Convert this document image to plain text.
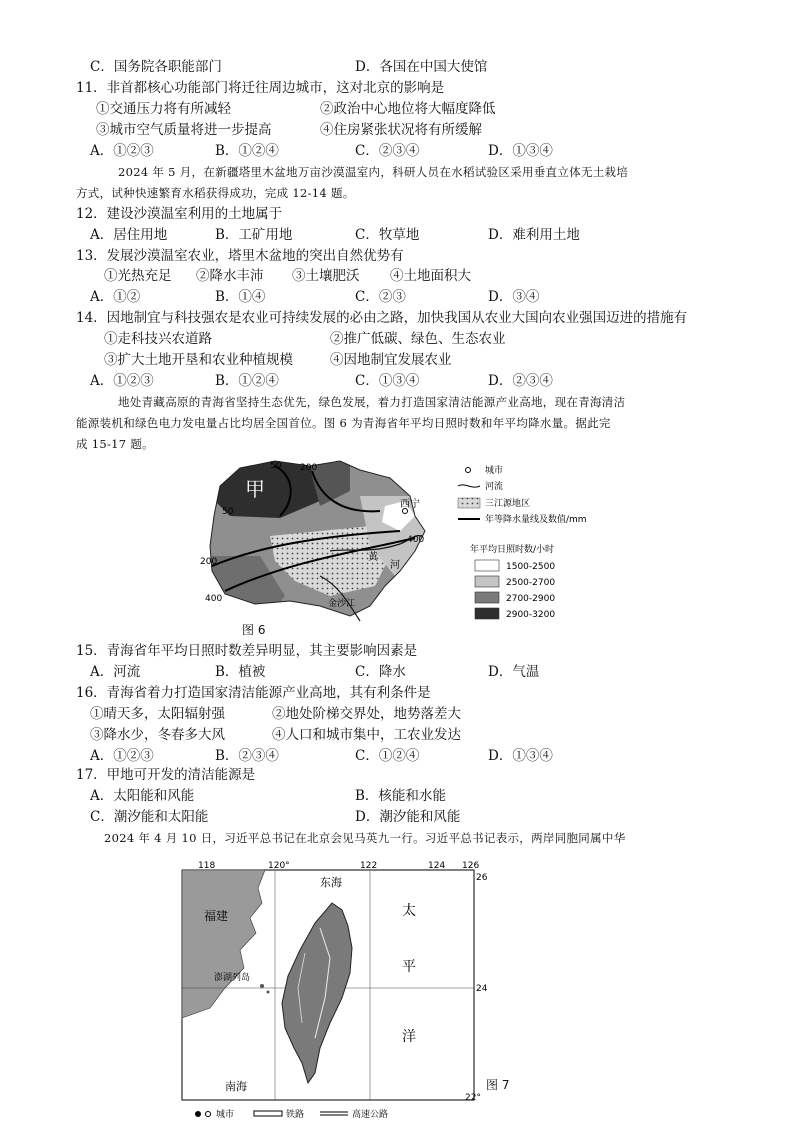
C．国务院各职能部门	D．各国在中国大使馆
11．非首都核心功能部门将迁往周边城市，这对北京的影响是
①交通压力将有所减轻	②政治中心地位将大幅度降低
③城市空气质量将进一步提高	④住房紧张状况将有所缓解
A．①②③	B．①②④	C．②③④	D．①③④
2024 年 5 月，在新疆塔里木盆地万亩沙漠温室内，科研人员在水稻试验区采用垂直立体无土栽培
方式，试种快速繁育水稻获得成功，完成 12-14 题。
12．建设沙漠温室利用的土地属于
A．居住用地	B．工矿用地	C．牧草地	D．难利用土地
13．发展沙漠温室农业，塔里木盆地的突出自然优势有
①光热充足 ②降水丰沛 ③土壤肥沃 ④土地面积大
A．①②	B．①④	C．②③	D．③④
14．因地制宜与科技强农是农业可持续发展的必由之路，加快我国从农业大国向农业强国迈进的措施有
①走科技兴农道路	②推广低碳、绿色、生态农业
③扩大土地开垦和农业种植规模	④因地制宜发展农业
A．①②③	B．①②④	C．①③④	D．②③④
地处青藏高原的青海省坚持生态优先，绿色发展，着力打造国家清洁能源产业高地，现在青海清洁
能源装机和绿色电力发电量占比均居全国首位。图 6 为青海省年平均日照时数和年平均降水量。据此完
成 15-17 题。
甲
西宁
黄
河
金沙江
50 200
50
400
200
400
城市
河流
三江源地区
年等降水量线及数值/mm
年平均日照时数/小时
1500-2500
2500-2700
2700-2900
2900-3200
图 6
15．青海省年平均日照时数差异明显，其主要影响因素是
A．河流	B．植被	C．降水	D．气温
16．青海省着力打造国家清洁能源产业高地，其有利条件是
①晴天多，太阳辐射强	②地处阶梯交界处，地势落差大
③降水少，冬春多大风	④人口和城市集中，工农业发达
A．①②③	B．②③④	C．①②④	D．①③④
17．甲地可开发的清洁能源是
A．太阳能和风能	B．核能和水能
C．潮汐能和太阳能	D．潮汐能和风能
2024 年 4 月 10 日，习近平总书记在北京会见马英九一行。习近平总书记表示，两岸同胞同属中华
118	120°	122	124 126
26
24
22°
福建
东海
太
平
洋
南海
澎湖列岛
城市	铁路	高速公路
图 7
